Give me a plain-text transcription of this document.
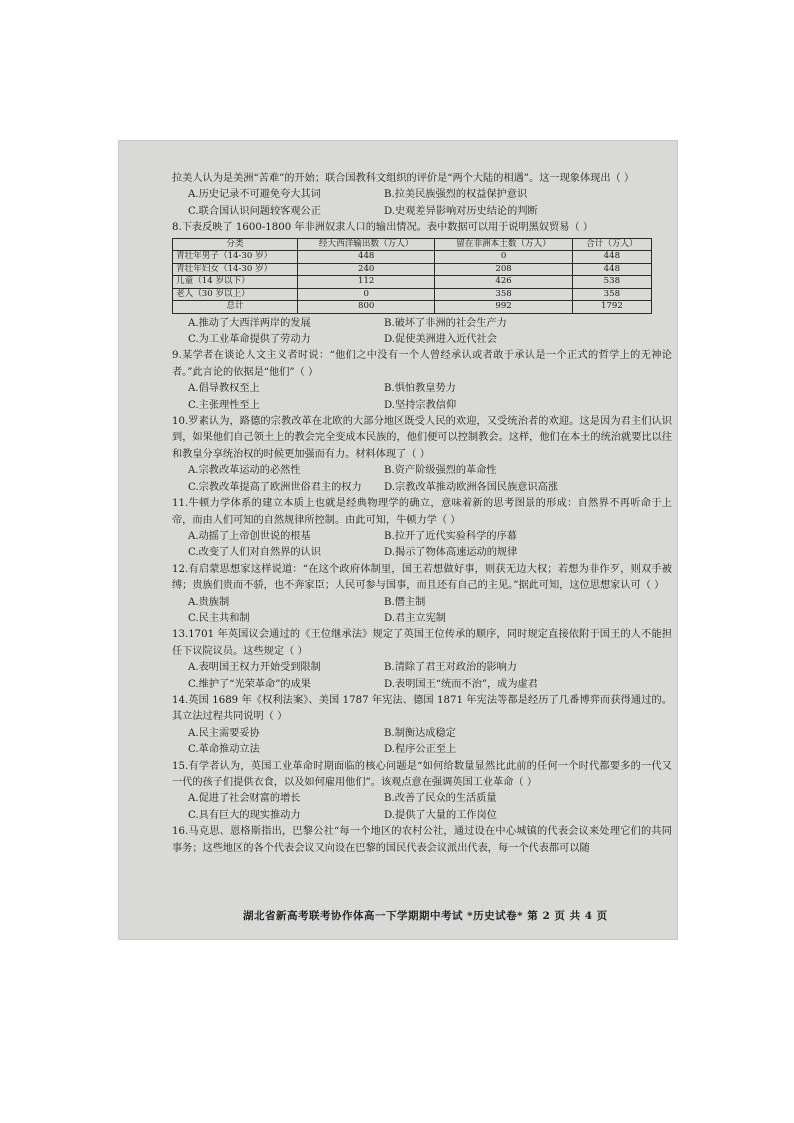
拉美人认为是美洲“苦难”的开始；联合国教科文组织的评价是“两个大陆的相遇”。这一现象体现出（ ）
A.历史记录不可避免夸大其词	B.拉美民族强烈的权益保护意识
C.联合国认识问题较客观公正	D.史观差异影响对历史结论的判断
8.下表反映了 1600-1800 年非洲奴隶人口的输出情况。表中数据可以用于说明黑奴贸易（ ）
分类	经大西洋输出数（万人）	留在非洲本土数（万人）	合计（万人）
青壮年男子（14-30 岁）	448	0	448
青壮年妇女（14-30 岁）	240	208	448
儿童（14 岁以下）	112	426	538
老人（30 岁以上）	0	358	358
总计	800	992	1792
A.推动了大西洋两岸的发展	B.破坏了非洲的社会生产力
C.为工业革命提供了劳动力	D.促使美洲进入近代社会
9.某学者在谈论人文主义者时说：“他们之中没有一个人曾经承认或者敢于承认是一个正式的哲学上的无神论者。”此言论的依据是“他们”（ ）
A.倡导教权至上	B.惧怕教皇势力
C.主张理性至上	D.坚持宗教信仰
10.罗素认为，路德的宗教改革在北欧的大部分地区既受人民的欢迎，又受统治者的欢迎。这是因为君主们认识到，如果他们自己领土上的教会完全变成本民族的，他们便可以控制教会。这样，他们在本土的统治就要比以往和教皇分享统治权的时候更加强而有力。材料体现了（ ）
A.宗教改革运动的必然性	B.资产阶级强烈的革命性
C.宗教改革提高了欧洲世俗君主的权力	D.宗教改革推动欧洲各国民族意识高涨
11.牛顿力学体系的建立本质上也就是经典物理学的确立，意味着新的思考图景的形成：自然界不再听命于上帝，而由人们可知的自然规律所控制。由此可知，牛顿力学（ ）
A.动摇了上帝创世说的根基	B.拉开了近代实验科学的序幕
C.改变了人们对自然界的认识	D.揭示了物体高速运动的规律
12.有启蒙思想家这样说道：“在这个政府体制里，国王若想做好事，则获无边大权；若想为非作歹，则双手被缚；贵族们贵而不骄，也不奔家臣；人民可参与国事，而且还有自己的主见。”据此可知，这位思想家认可（ ）
A.贵族制	B.僭主制
C.民主共和制	D.君主立宪制
13.1701 年英国议会通过的《王位继承法》规定了英国王位传承的顺序，同时规定直接依附于国王的人不能担任下议院议员。这些规定（ ）
A.表明国王权力开始受到限制	B.清除了君王对政治的影响力
C.维护了“光荣革命”的成果	D.表明国王“统而不治”，成为虚君
14.英国 1689 年《权利法案》、美国 1787 年宪法、德国 1871 年宪法等都是经历了几番博弈而获得通过的。其立法过程共同说明（ ）
A.民主需要妥协	B.制衡达成稳定
C.革命推动立法	D.程序公正至上
15.有学者认为，英国工业革命时期面临的核心问题是“如何给数量显然比此前的任何一个时代都要多的一代又一代的孩子们提供衣食，以及如何雇用他们”。该观点意在强调英国工业革命（ ）
A.促进了社会财富的增长	B.改善了民众的生活质量
C.具有巨大的现实推动力	D.提供了大量的工作岗位
16.马克思、恩格斯指出，巴黎公社“每一个地区的农村公社，通过设在中心城镇的代表会议来处理它们的共同事务；这些地区的各个代表会议又向设在巴黎的国民代表会议派出代表，每一个代表都可以随
湖北省新高考联考协作体高一下学期期中考试 *历史试卷* 第 2 页 共 4 页
